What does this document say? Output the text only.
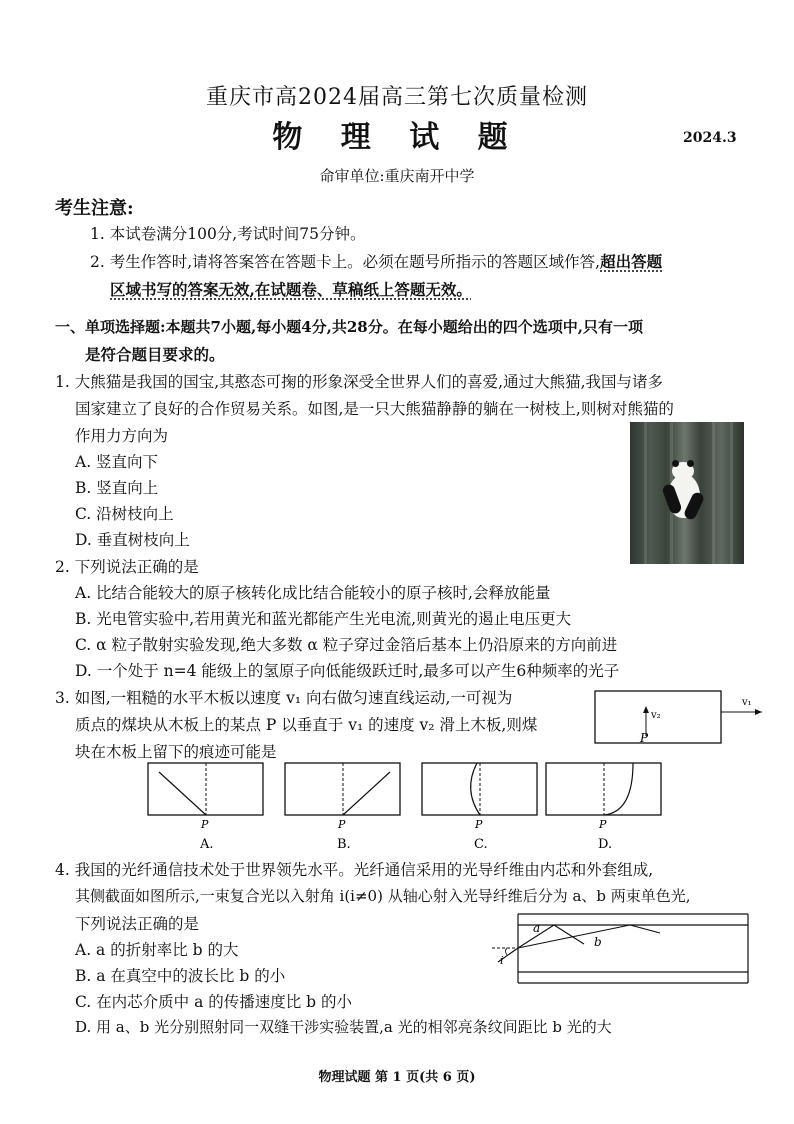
重庆市高2024届高三第七次质量检测
物 理 试 题	2024.3
命审单位:重庆南开中学
考生注意:
1. 本试卷满分100分,考试时间75分钟。
2. 考生作答时,请将答案答在答题卡上。必须在题号所指示的答题区域作答,超出答题
区域书写的答案无效,在试题卷、草稿纸上答题无效。
一、单项选择题:本题共7小题,每小题4分,共28分。在每小题给出的四个选项中,只有一项
是符合题目要求的。
1. 大熊猫是我国的国宝,其憨态可掬的形象深受全世界人们的喜爱,通过大熊猫,我国与诸多
国家建立了良好的合作贸易关系。如图,是一只大熊猫静静的躺在一树枝上,则树对熊猫的
作用力方向为
A. 竖直向下
B. 竖直向上
C. 沿树枝向上
D. 垂直树枝向上
2. 下列说法正确的是
A. 比结合能较大的原子核转化成比结合能较小的原子核时,会释放能量
B. 光电管实验中,若用黄光和蓝光都能产生光电流,则黄光的遏止电压更大
C. α 粒子散射实验发现,绝大多数 α 粒子穿过金箔后基本上仍沿原来的方向前进
D. 一个处于 n=4 能级上的氢原子向低能级跃迁时,最多可以产生6种频率的光子
3. 如图,一粗糙的水平木板以速度 v₁ 向右做匀速直线运动,一可视为
质点的煤块从木板上的某点 P 以垂直于 v₁ 的速度 v₂ 滑上木板,则煤
块在木板上留下的痕迹可能是
v₁
v₂
P
P
A.
P
B.
P
C.
P
D.
4. 我国的光纤通信技术处于世界领先水平。光纤通信采用的光导纤维由内芯和外套组成,
其侧截面如图所示,一束复合光以入射角 i(i≠0) 从轴心射入光导纤维后分为 a、b 两束单色光,
下列说法正确的是
A. a 的折射率比 b 的大
B. a 在真空中的波长比 b 的小
C. 在内芯介质中 a 的传播速度比 b 的小
D. 用 a、b 光分别照射同一双缝干涉实验装置,a 光的相邻亮条纹间距比 b 光的大
a
b
i
物理试题 第 1 页(共 6 页)
